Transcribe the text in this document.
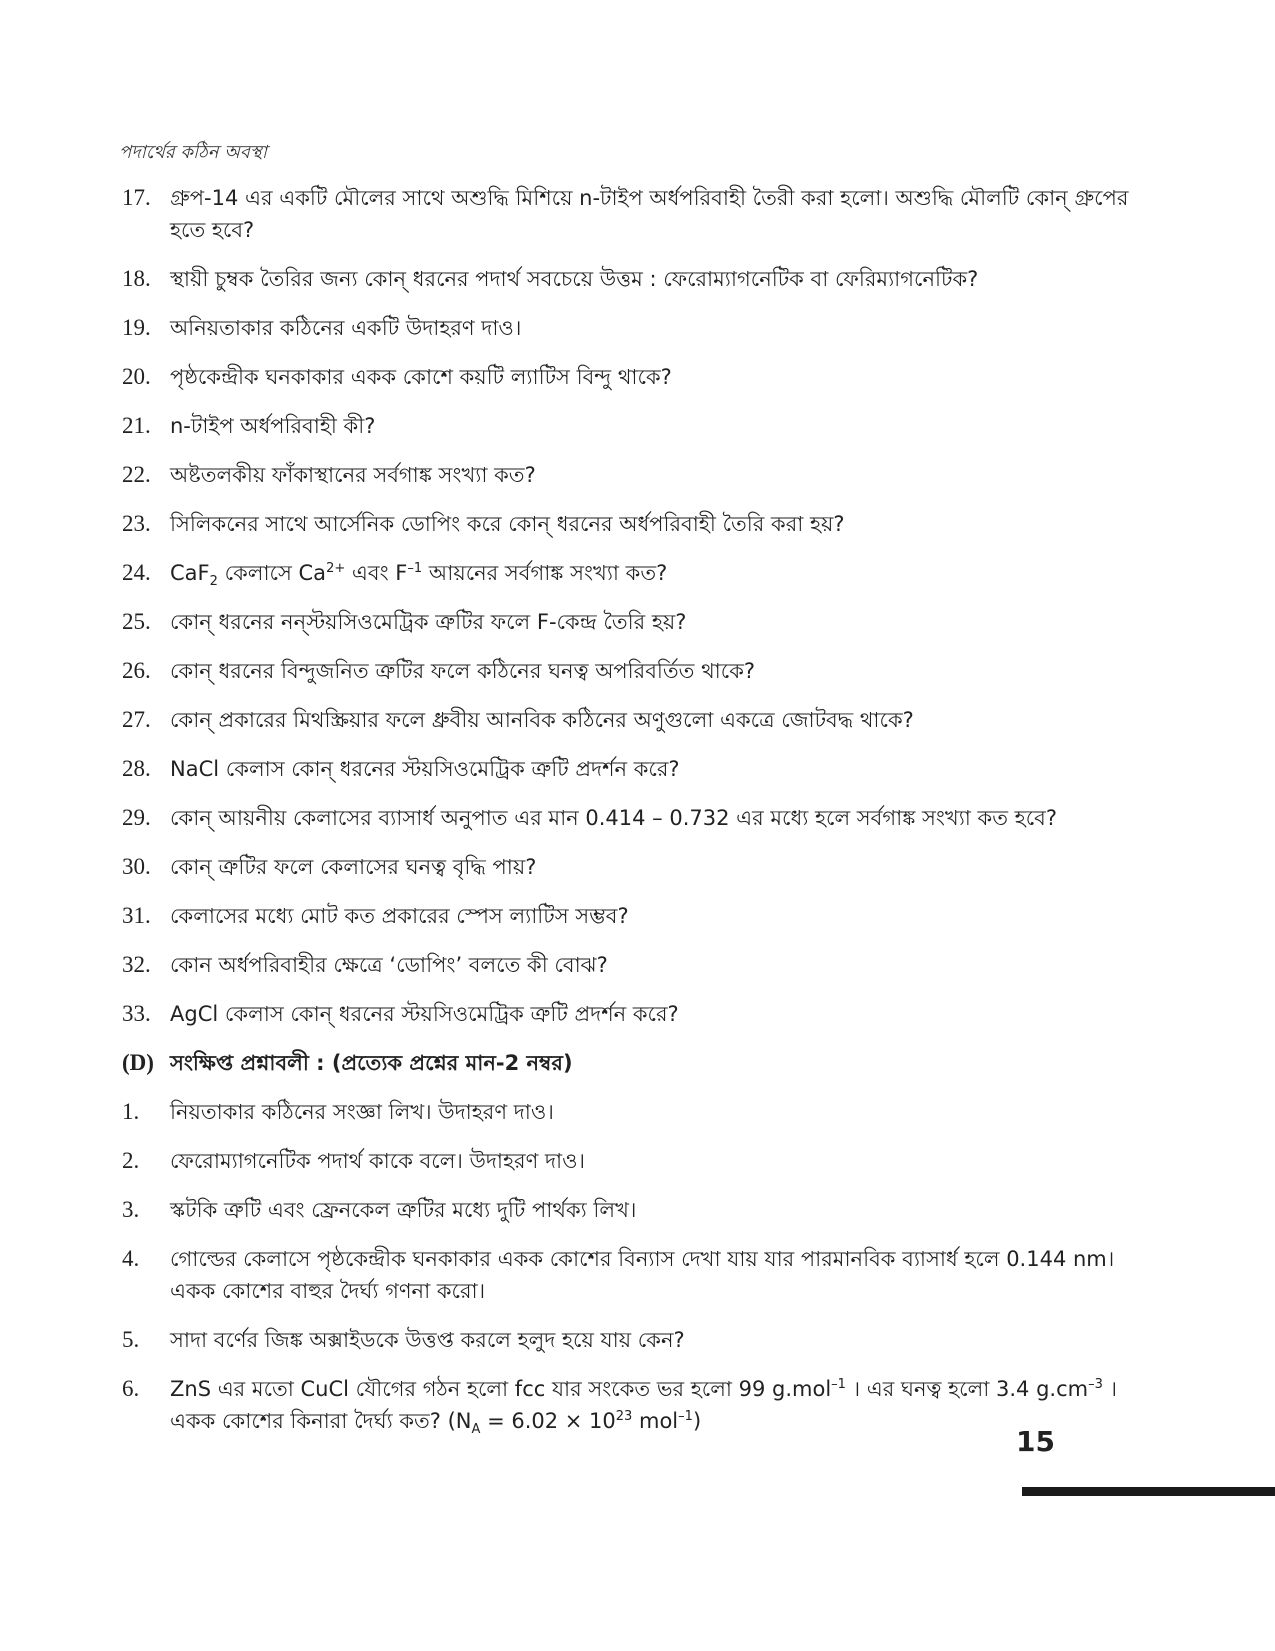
পদার্থের কঠিন অবস্থা
17. গ্রুপ-14 এর একটি মৌলের সাথে অশুদ্ধি মিশিয়ে n-টাইপ অর্ধপরিবাহী তৈরী করা হলো। অশুদ্ধি মৌলটি কোন্ গ্রুপের হতে হবে?
18. স্থায়ী চুম্বক তৈরির জন্য কোন্ ধরনের পদার্থ সবচেয়ে উত্তম : ফেরোম্যাগনেটিক বা ফেরিম্যাগনেটিক?
19. অনিয়তাকার কঠিনের একটি উদাহরণ দাও।
20. পৃষ্ঠকেন্দ্রীক ঘনকাকার একক কোশে কয়টি ল্যাটিস বিন্দু থাকে?
21. n-টাইপ অর্ধপরিবাহী কী?
22. অষ্টতলকীয় ফাঁকাস্থানের সর্বগাঙ্ক সংখ্যা কত?
23. সিলিকনের সাথে আর্সেনিক ডোপিং করে কোন্ ধরনের অর্ধপরিবাহী তৈরি করা হয়?
24. CaF$_2$ কেলাসে $Ca^{2+}$ এবং $F^{-1}$ আয়নের সর্বগাঙ্ক সংখ্যা কত?
25. কোন্ ধরনের নন্‌স্টয়সিওমেট্রিক ত্রুটির ফলে F-কেন্দ্র তৈরি হয়?
26. কোন্ ধরনের বিন্দুজনিত ত্রুটির ফলে কঠিনের ঘনত্ব অপরিবর্তিত থাকে?
27. কোন্ প্রকারের মিথস্ক্রিয়ার ফলে ধ্রুবীয় আনবিক কঠিনের অণুগুলো একত্রে জোটবদ্ধ থাকে?
28. NaCl কেলাস কোন্ ধরনের স্টয়সিওমেট্রিক ত্রুটি প্রদর্শন করে?
29. কোন্ আয়নীয় কেলাসের ব্যাসার্ধ অনুপাত এর মান 0.414 – 0.732 এর মধ্যে হলে সর্বগাঙ্ক সংখ্যা কত হবে?
30. কোন্ ত্রুটির ফলে কেলাসের ঘনত্ব বৃদ্ধি পায়?
31. কেলাসের মধ্যে মোট কত প্রকারের স্পেস ল্যাটিস সম্ভব?
32. কোন অর্ধপরিবাহীর ক্ষেত্রে ‘ডোপিং’ বলতে কী বোঝ?
33. AgCl কেলাস কোন্ ধরনের স্টয়সিওমেট্রিক ত্রুটি প্রদর্শন করে?
(D) সংক্ষিপ্ত প্রশ্নাবলী : (প্রত্যেক প্রশ্নের মান-2 নম্বর)
1.	নিয়তাকার কঠিনের সংজ্ঞা লিখ। উদাহরণ দাও।
2.	ফেরোম্যাগনেটিক পদার্থ কাকে বলে। উদাহরণ দাও।
3.	স্কটকি ত্রুটি এবং ফ্রেনকেল ত্রুটির মধ্যে দুটি পার্থক্য লিখ।
4.	গোল্ডের কেলাসে পৃষ্ঠকেন্দ্রীক ঘনকাকার একক কোশের বিন্যাস দেখা যায় যার পারমানবিক ব্যাসার্ধ হলে 0.144 nm। একক কোশের বাহুর দৈর্ঘ্য গণনা করো।
5.	সাদা বর্ণের জিঙ্ক অক্সাইডকে উত্তপ্ত করলে হলুদ হয়ে যায় কেন?
6.	ZnS এর মতো CuCl যৌগের গঠন হলো fcc যার সংকেত ভর হলো 99 g.mol$^{-1}$ । এর ঘনত্ব হলো 3.4 $g.cm^{-3}$ । একক কোশের কিনারা দৈর্ঘ্য কত? ($N_A = 6.02 \times 10^{23}$ mol$^{-1}$)
15
